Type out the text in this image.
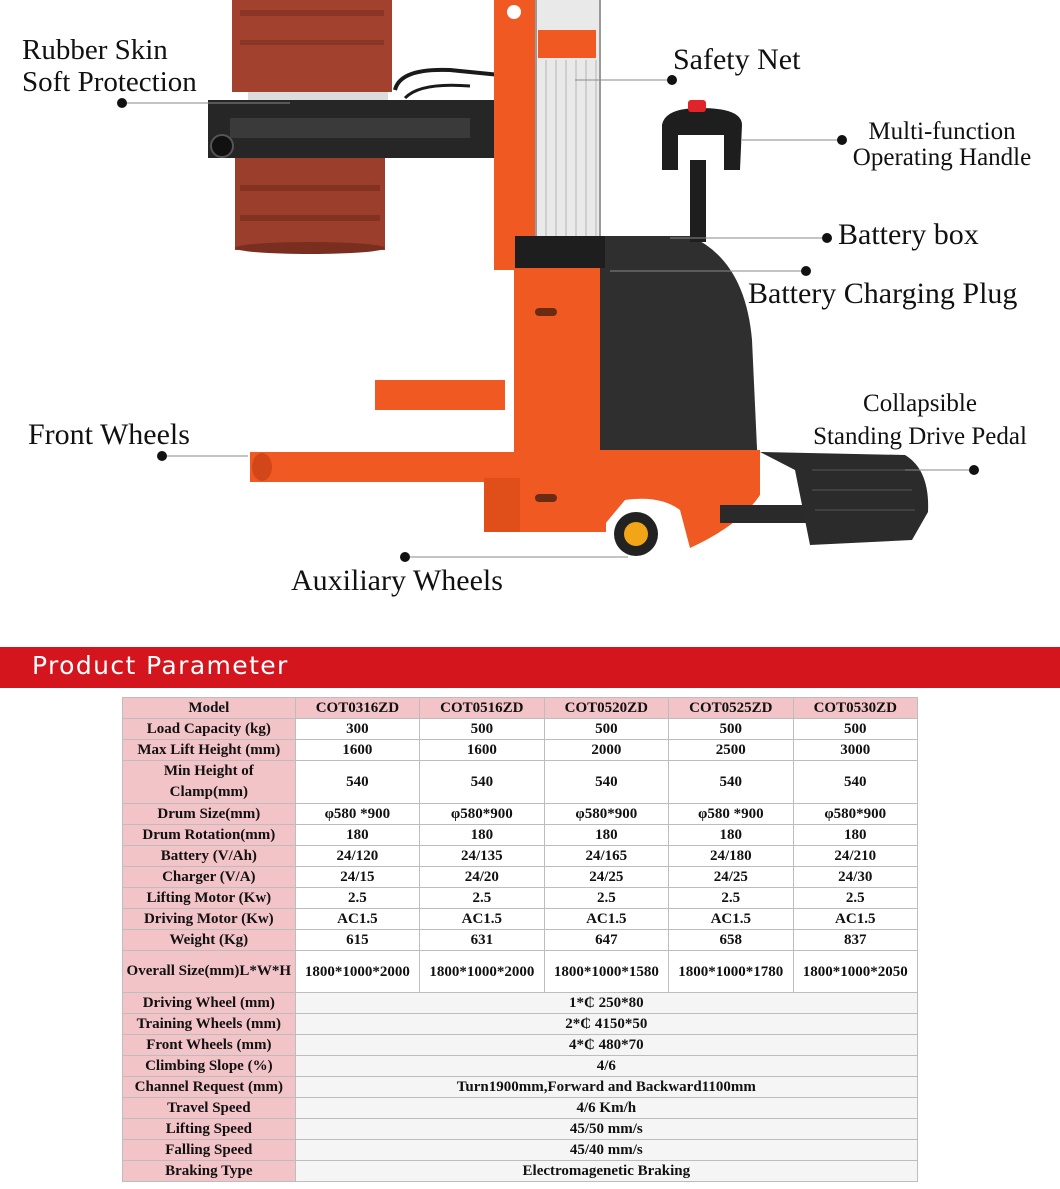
Rubber Skin
Soft Protection
Safety Net
Multi-function
Operating Handle
Battery box
Battery Charging Plug
Collapsible
Standing Drive Pedal
Front Wheels
Auxiliary Wheels
Product Parameter
Model	COT0316ZD	COT0516ZD	COT0520ZD	COT0525ZD	COT0530ZD
Load Capacity (kg)	300	500	500	500	500
Max Lift Height (mm)	1600	1600	2000	2500	3000
Min Height of Clamp(mm)	540	540	540	540	540
Drum Size(mm)	φ580 *900	φ580*900	φ580*900	φ580 *900	φ580*900
Drum Rotation(mm)	180	180	180	180	180
Battery (V/Ah)	24/120	24/135	24/165	24/180	24/210
Charger (V/A)	24/15	24/20	24/25	24/25	24/30
Lifting Motor (Kw)	2.5	2.5	2.5	2.5	2.5
Driving Motor (Kw)	AC1.5	AC1.5	AC1.5	AC1.5	AC1.5
Weight (Kg)	615	631	647	658	837
Overall Size(mm)L*W*H	1800*1000*2000	1800*1000*2000	1800*1000*1580	1800*1000*1780	1800*1000*2050
Driving Wheel (mm)	1*₵ 250*80				
Training Wheels (mm)	2*₵ 4150*50				
Front Wheels (mm)	4*₵ 480*70				
Climbing Slope (%)	4/6				
Channel Request (mm)	Turn1900mm,Forward and Backward1100mm				
Travel Speed	4/6 Km/h				
Lifting Speed	45/50 mm/s				
Falling Speed	45/40 mm/s				
Braking Type	Electromagenetic Braking				
